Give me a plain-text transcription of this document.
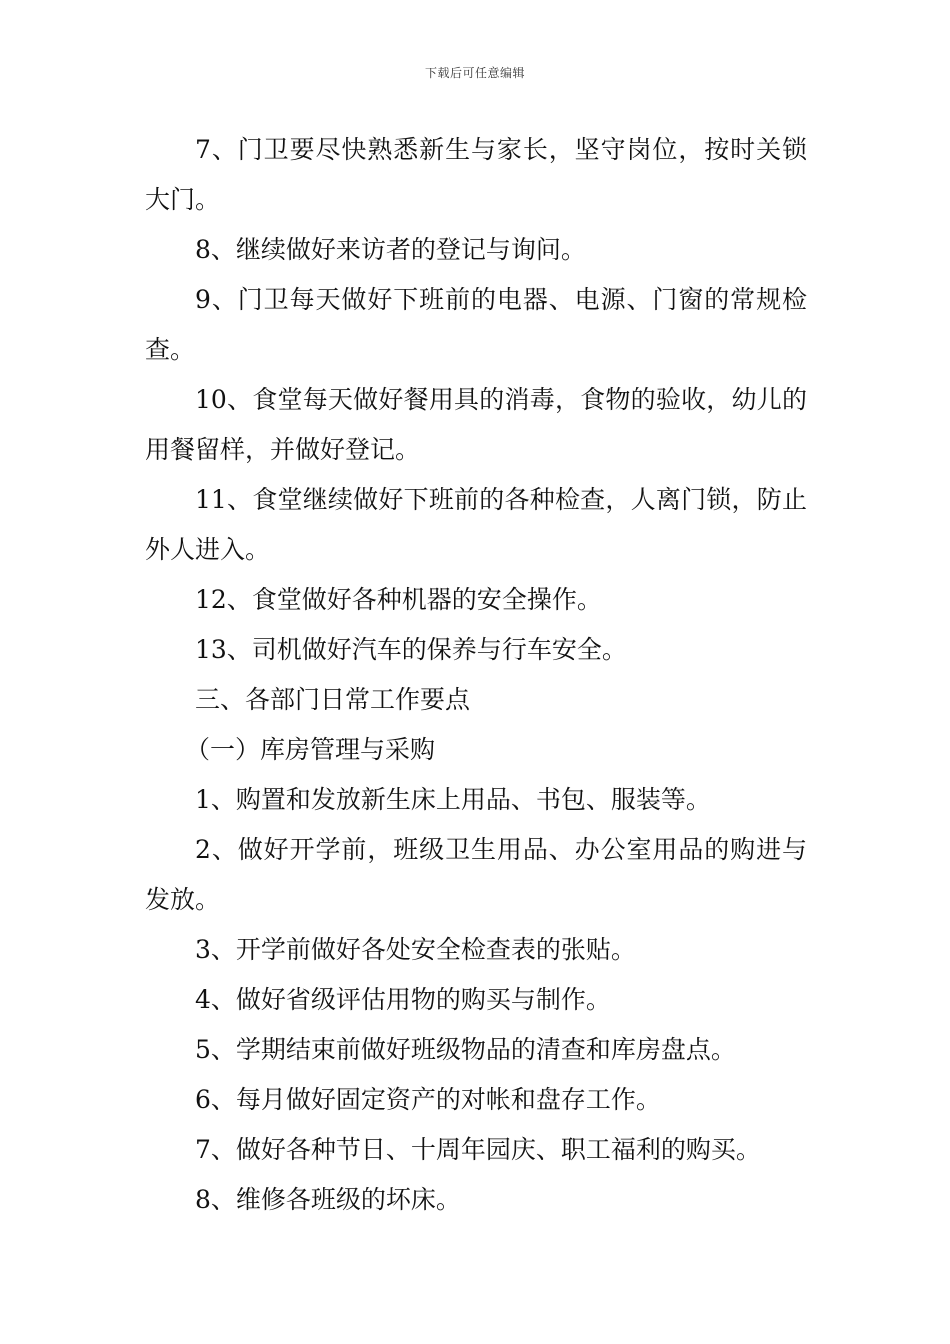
下载后可任意编辑

7、门卫要尽快熟悉新生与家长，坚守岗位，按时关锁大门。

8、继续做好来访者的登记与询问。

9、门卫每天做好下班前的电器、电源、门窗的常规检查。

10、食堂每天做好餐用具的消毒，食物的验收，幼儿的用餐留样，并做好登记。

11、食堂继续做好下班前的各种检查，人离门锁，防止外人进入。

12、食堂做好各种机器的安全操作。

13、司机做好汽车的保养与行车安全。

三、各部门日常工作要点

（一）库房管理与采购

1、购置和发放新生床上用品、书包、服装等。

2、做好开学前，班级卫生用品、办公室用品的购进与发放。

3、开学前做好各处安全检查表的张贴。

4、做好省级评估用物的购买与制作。

5、学期结束前做好班级物品的清查和库房盘点。

6、每月做好固定资产的对帐和盘存工作。

7、做好各种节日、十周年园庆、职工福利的购买。

8、维修各班级的坏床。
